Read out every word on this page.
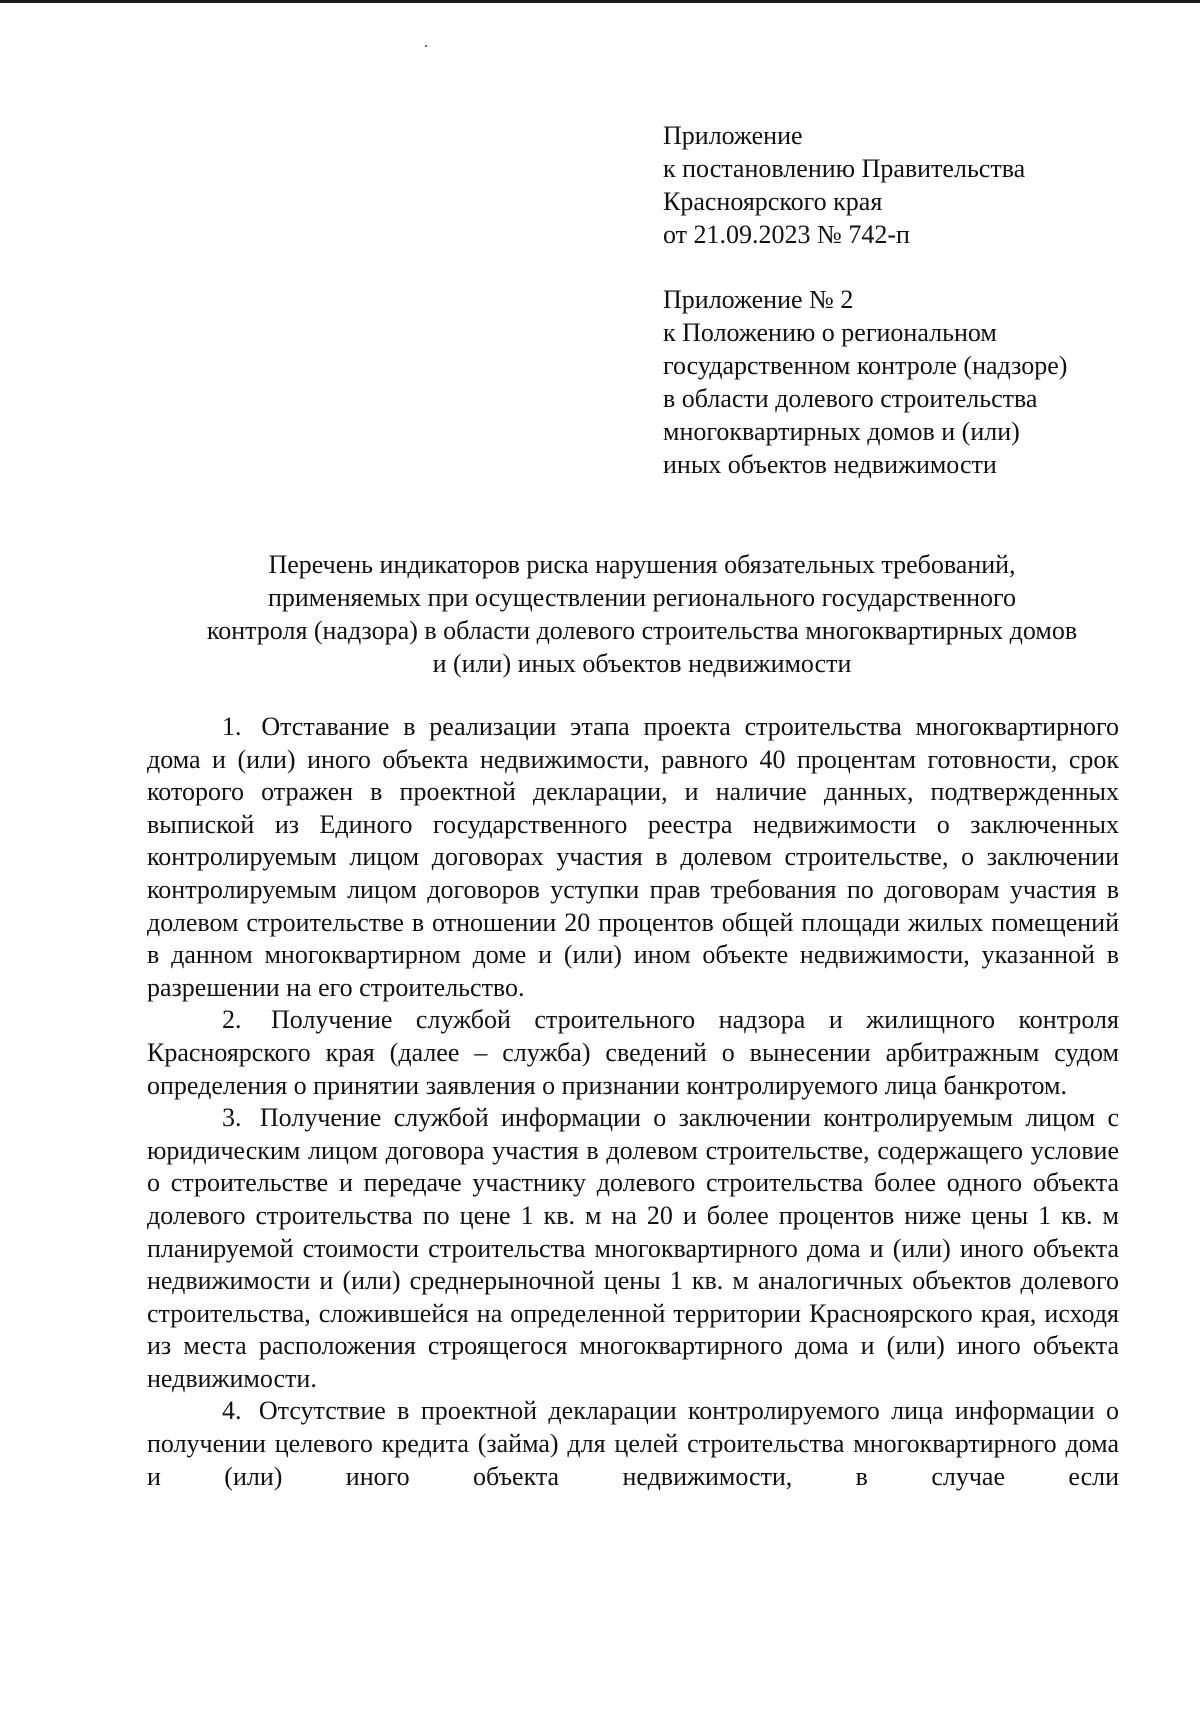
Приложение
к постановлению Правительства
Красноярского края
от 21.09.2023 № 742-п
Приложение № 2
к Положению о региональном
государственном контроле (надзоре)
в области долевого строительства
многоквартирных домов и (или)
иных объектов недвижимости
Перечень индикаторов риска нарушения обязательных требований,
применяемых при осуществлении регионального государственного
контроля (надзора) в области долевого строительства многоквартирных домов
и (или) иных объектов недвижимости

1. Отставание в реализации этапа проекта строительства многоквартирного дома и (или) иного объекта недвижимости, равного 40 процентам готовности, срок которого отражен в проектной декларации, и наличие данных, подтвержденных выпиской из Единого государственного реестра недвижимости о заключенных контролируемым лицом договорах участия в долевом строительстве, о заключении контролируемым лицом договоров уступки прав требования по договорам участия в долевом строительстве в отношении 20 процентов общей площади жилых помещений в данном многоквартирном доме и (или) ином объекте недвижимости, указанной в разрешении на его строительство.

2. Получение службой строительного надзора и жилищного контроля Красноярского края (далее – служба) сведений о вынесении арбитражным судом определения о принятии заявления о признании контролируемого лица банкротом.

3. Получение службой информации о заключении контролируемым лицом с юридическим лицом договора участия в долевом строительстве, содержащего условие о строительстве и передаче участнику долевого строительства более одного объекта долевого строительства по цене 1 кв. м на 20 и более процентов ниже цены 1 кв. м планируемой стоимости строительства многоквартирного дома и (или) иного объекта недвижимости и (или) среднерыночной цены 1 кв. м аналогичных объектов долевого строительства, сложившейся на определенной территории Красноярского края, исходя из места расположения строящегося многоквартирного дома и (или) иного объекта недвижимости.

4. Отсутствие в проектной декларации контролируемого лица информации о получении целевого кредита (займа) для целей строительства многоквартирного дома и (или) иного объекта недвижимости, в случае если
